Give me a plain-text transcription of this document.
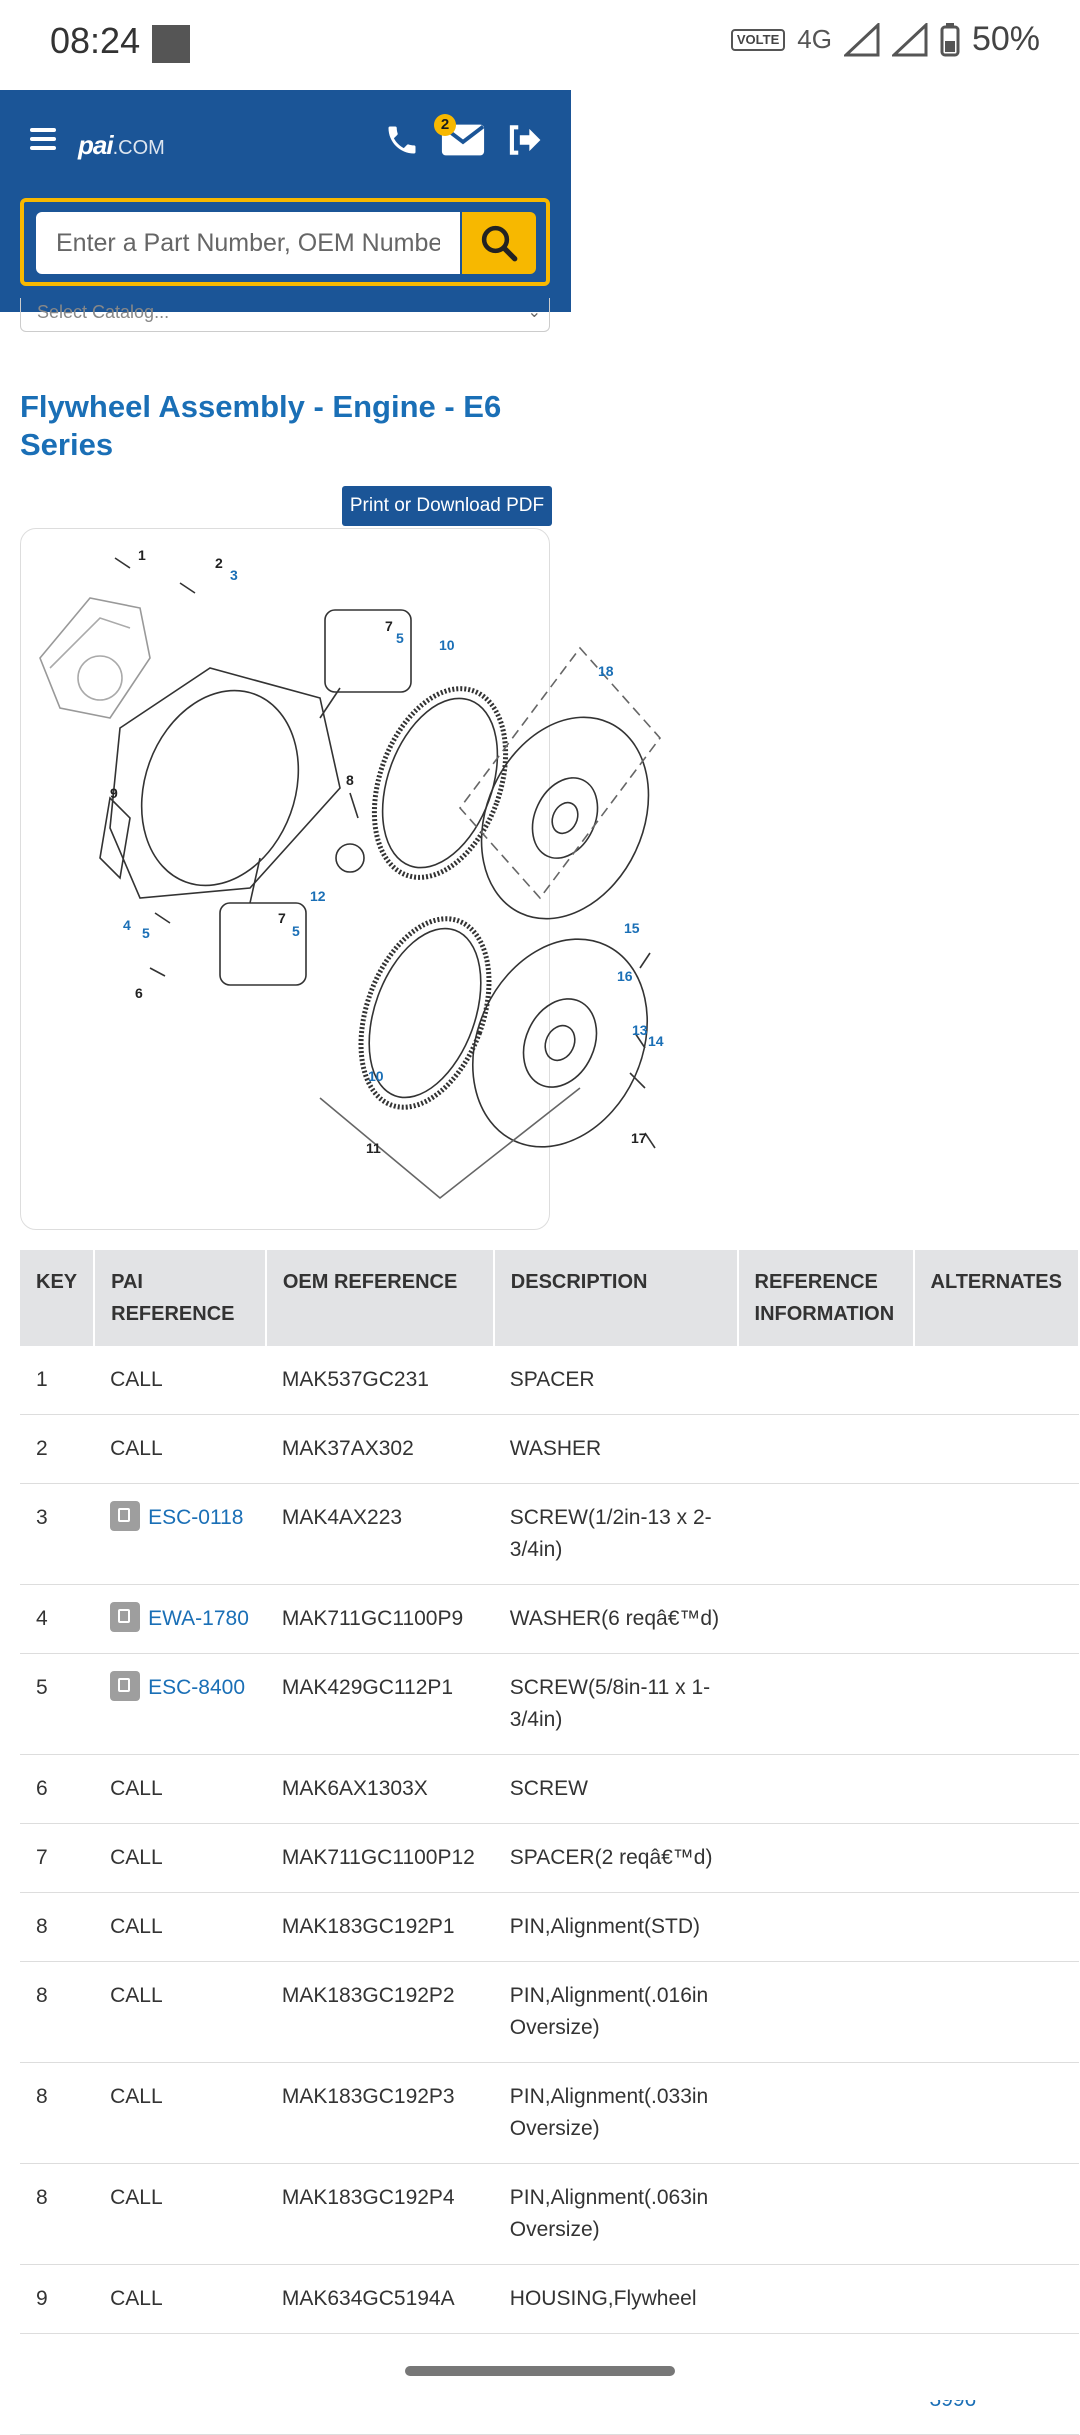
08:24	VOLTE 4G	50%
pai.COM
2
Enter a Part Number, OEM Number...
Select Catalog...	⌄
Flywheel Assembly - Engine - E6 Series
Print or Download PDF
1	2
3
4 5
5
5
6
7
7
8
9
10
10
11
12
13
14
15
16
17
18
KEY	PAI REFERENCE	OEM REFERENCE	DESCRIPTION	REFERENCE INFORMATION	ALTERNATES
1	CALL	MAK537GC231	SPACER		
2	CALL	MAK37AX302	WASHER		
3	ESC-0118	MAK4AX223	SCREW(1/2in-13 x 2-3/4in)		
4	EWA-1780	MAK711GC1100P9	WASHER(6 reqâ€™d)		
5	ESC-8400	MAK429GC112P1	SCREW(5/8in-11 x 1-3/4in)		
6	CALL	MAK6AX1303X	SCREW		
7	CALL	MAK711GC1100P12	SPACER(2 reqâ€™d)		
8	CALL	MAK183GC192P1	PIN,Alignment(STD)		
8	CALL	MAK183GC192P2	PIN,Alignment(.016in Oversize)		
8	CALL	MAK183GC192P3	PIN,Alignment(.033in Oversize)		
8	CALL	MAK183GC192P4	PIN,Alignment(.063in Oversize)		
9	CALL	MAK634GC5194A	HOUSING,Flywheel		
